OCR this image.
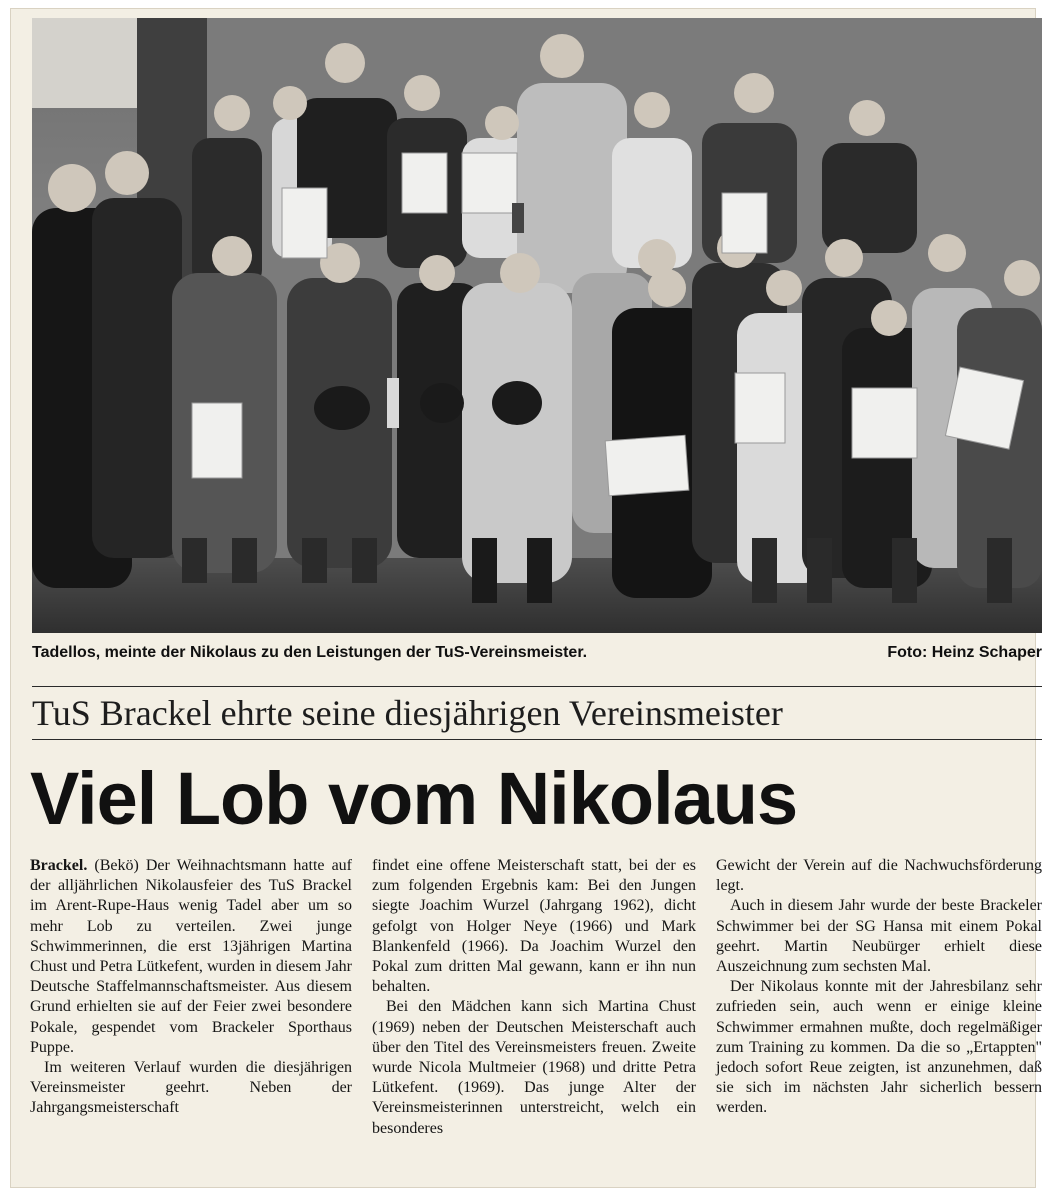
Tadellos, meinte der Nikolaus zu den Leistungen der TuS-Vereinsmeister.	Foto: Heinz Schaper
TuS Brackel ehrte seine diesjährigen Vereinsmeister
Viel Lob vom Nikolaus

Brackel. (Bekö) Der Weihnachtsmann hatte auf der alljährlichen Nikolausfeier des TuS Brackel im Arent-Rupe-Haus wenig Tadel aber um so mehr Lob zu verteilen. Zwei junge Schwimmerinnen, die erst 13jährigen Martina Chust und Petra Lütkefent, wurden in diesem Jahr Deutsche Staffelmannschaftsmeister. Aus diesem Grund erhielten sie auf der Feier zwei besondere Pokale, gespendet vom Brackeler Sporthaus Puppe.

Im weiteren Verlauf wurden die diesjährigen Vereinsmeister geehrt. Neben der Jahrgangsmeisterschaft

findet eine offene Meisterschaft statt, bei der es zum folgenden Ergebnis kam: Bei den Jungen siegte Joachim Wurzel (Jahrgang 1962), dicht gefolgt von Holger Neye (1966) und Mark Blankenfeld (1966). Da Joachim Wurzel den Pokal zum dritten Mal gewann, kann er ihn nun behalten.

Bei den Mädchen kann sich Martina Chust (1969) neben der Deutschen Meisterschaft auch über den Titel des Vereinsmeisters freuen. Zweite wurde Nicola Multmeier (1968) und dritte Petra Lütkefent. (1969). Das junge Alter der Vereinsmeisterinnen unterstreicht, welch ein besonderes

Gewicht der Verein auf die Nachwuchsförderung legt.

Auch in diesem Jahr wurde der beste Brackeler Schwimmer bei der SG Hansa mit einem Pokal geehrt. Martin Neubürger erhielt diese Auszeichnung zum sechsten Mal.

Der Nikolaus konnte mit der Jahresbilanz sehr zufrieden sein, auch wenn er einige kleine Schwimmer ermahnen mußte, doch regelmäßiger zum Training zu kommen. Da die so „Ertappten" jedoch sofort Reue zeigten, ist anzunehmen, daß sie sich im nächsten Jahr sicherlich bessern werden.
